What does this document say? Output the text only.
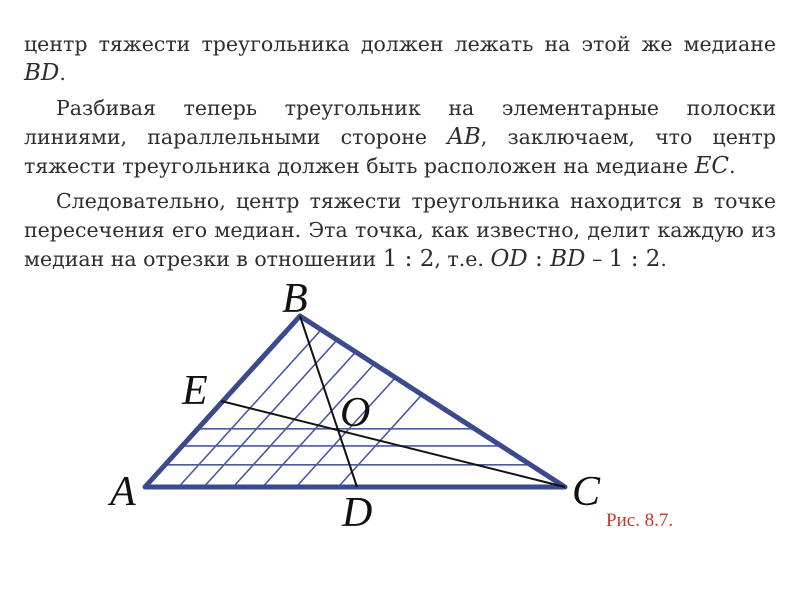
центр тяжести треугольника должен лежать на этой же медиане BD.

Разбивая теперь треугольник на элементарные полоски линиями, параллельными стороне AB, заключаем, что центр тяжести треугольника должен быть расположен на медиане EC.

Следовательно, центр тяжести треугольника находится в точке пересечения его медиан. Эта точка, как известно, делит каждую из медиан на отрезки в отношении 1 : 2, т.е. OD : BD – 1 : 2.

B
E	O
A	C
D	Рис. 8.7.
